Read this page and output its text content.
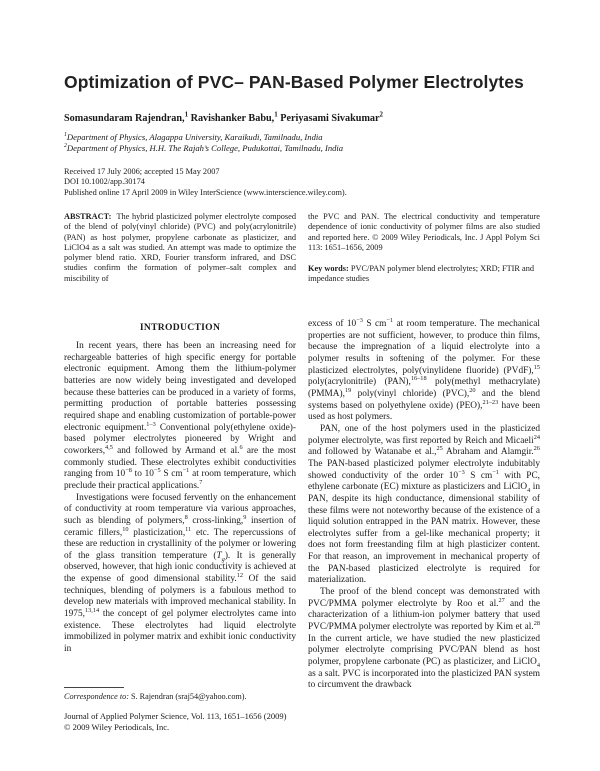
Optimization of PVC– PAN-Based Polymer Electrolytes
Somasundaram Rajendran,$^1$ Ravishanker Babu,$^1$ Periyasami Sivakumar$^2$
$^1$Department of Physics, Alagappa University, Karaikudi, Tamilnadu, India
$^2$Department of Physics, H.H. The Rajah’s College, Pudukottai, Tamilnadu, India
Received 17 July 2006; accepted 15 May 2007
DOI 10.1002/app.30174
Published online 17 April 2009 in Wiley InterScience (www.interscience.wiley.com).
ABSTRACT: The hybrid plasticized polymer electrolyte composed of the blend of poly(vinyl chloride) (PVC) and poly(acrylonitrile) (PAN) as host polymer, propylene carbonate as plasticizer, and LiClO4 as a salt was studied. An attempt was made to optimize the polymer blend ratio. XRD, Fourier transform infrared, and DSC studies confirm the formation of polymer–salt complex and miscibility of
the PVC and PAN. The electrical conductivity and temperature dependence of ionic conductivity of polymer films are also studied and reported here. © 2009 Wiley Periodicals, Inc. J Appl Polym Sci 113: 1651–1656, 2009
Key words: PVC/PAN polymer blend electrolytes; XRD; FTIR and impedance studies
INTRODUCTION

In recent years, there has been an increasing need for rechargeable batteries of high specific energy for portable electronic equipment. Among them the lithium-polymer batteries are now widely being investigated and developed because these batteries can be produced in a variety of forms, permitting production of portable batteries possessing required shape and enabling customization of portable-power electronic equipment.$^{1-3}$ Conventional poly(ethylene oxide)-based polymer electrolytes pioneered by Wright and coworkers,$^{4,5}$ and followed by Armand et al.$^6$ are the most commonly studied. These electrolytes exhibit conductivities ranging from $10^{-8}$ to $10^{-5}$ S $cm^{-1}$ at room temperature, which preclude their practical applications.$^7$

Investigations were focused fervently on the enhancement of conductivity at room temperature via various approaches, such as blending of polymers,$^8$ cross-linking,$^9$ insertion of ceramic fillers,$^{10}$ plasticization,$^{11}$ etc. The repercussions of these are reduction in crystallinity of the polymer or lowering of the glass transition temperature $(T_g)$. It is generally observed, however, that high ionic conductivity is achieved at the expense of good dimensional stability.$^{12}$ Of the said techniques, blending of polymers is a fabulous method to develop new materials with improved mechanical stability. In 1975,$^{13,14}$ the concept of gel polymer electrolytes came into existence. These electrolytes had liquid electrolyte immobilized in polymer matrix and exhibit ionic conductivity in

excess of $10^{-3}$ S $cm^{-1}$ at room temperature. The mechanical properties are not sufficient, however, to produce thin films, because the impregnation of a liquid electrolyte into a polymer results in softening of the polymer. For these plasticized electrolytes, poly(vinylidene fluoride) (PVdF),$^{15}$ poly(acrylonitrile) (PAN),$^{16-18}$ poly(methyl methacrylate) (PMMA),$^{19}$ poly(vinyl chloride) (PVC),$^{20}$ and the blend systems based on polyethylene oxide) (PEO),$^{21-23}$ have been used as host polymers.

PAN, one of the host polymers used in the plasticized polymer electrolyte, was first reported by Reich and Micaeli$^{24}$ and followed by Watanabe et al.,$^{25}$ Abraham and Alamgir.$^{26}$ The PAN-based plasticized polymer electrolyte indubitably showed conductivity of the order $10^{-3}$ S $cm^{-1}$ with PC, ethylene carbonate (EC) mixture as plasticizers and LiClO$_4$ in PAN, despite its high conductance, dimensional stability of these films were not noteworthy because of the existence of a liquid solution entrapped in the PAN matrix. However, these electrolytes suffer from a gel-like mechanical property; it does not form freestanding film at high plasticizer content. For that reason, an improvement in mechanical property of the PAN-based plasticized electrolyte is required for materialization.

The proof of the blend concept was demonstrated with PVC/PMMA polymer electrolyte by Roo et al.$^{27}$ and the characterization of a lithium-ion polymer battery that used PVC/PMMA polymer electrolyte was reported by Kim et al.$^{28}$ In the current article, we have studied the new plasticized polymer electrolyte comprising PVC/PAN blend as host polymer, propylene carbonate (PC) as plasticizer, and LiClO$_4$ as a salt. PVC is incorporated into the plasticized PAN system to circumvent the drawback

Correspondence to: S. Rajendran (sraj54@yahoo.com).
Journal of Applied Polymer Science, Vol. 113, 1651–1656 (2009)
© 2009 Wiley Periodicals, Inc.
